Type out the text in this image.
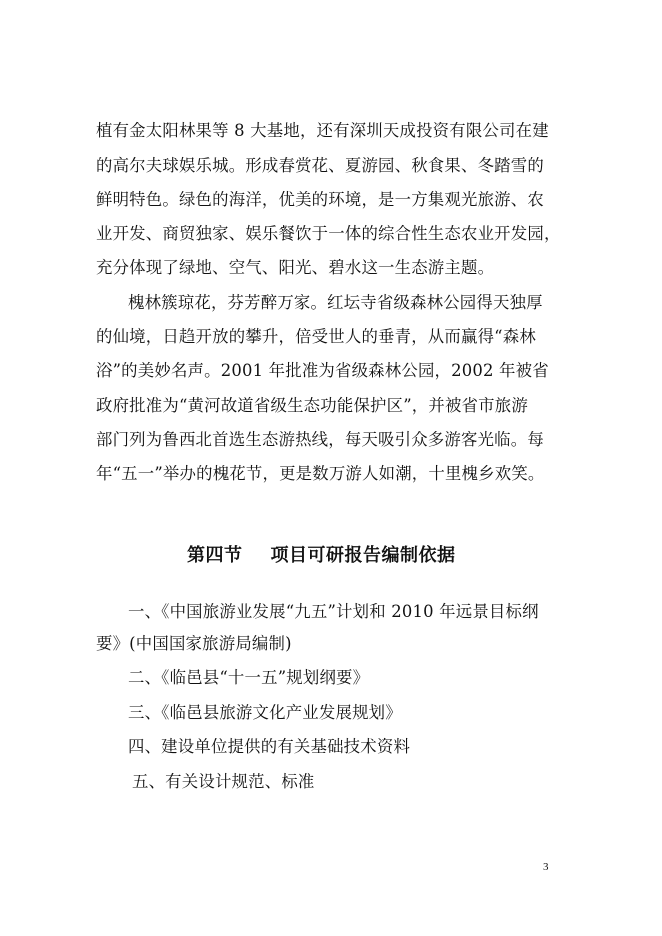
植有金太阳林果等 8 大基地，还有深圳天成投资有限公司在建
的高尔夫球娱乐城。形成春赏花、夏游园、秋食果、冬踏雪的
鲜明特色。绿色的海洋，优美的环境，是一方集观光旅游、农
业开发、商贸独家、娱乐餐饮于一体的综合性生态农业开发园，
充分体现了绿地、空气、阳光、碧水这一生态游主题。
槐林簇琼花，芬芳醉万家。红坛寺省级森林公园得天独厚
的仙境，日趋开放的攀升，倍受世人的垂青，从而赢得“森林
浴”的美妙名声。2001 年批准为省级森林公园，2002 年被省
政府批准为“黄河故道省级生态功能保护区”，并被省市旅游
部门列为鲁西北首选生态游热线，每天吸引众多游客光临。每
年“五一”举办的槐花节，更是数万游人如潮，十里槐乡欢笑。
第四节 项目可研报告编制依据
一、《中国旅游业发展“九五”计划和 2010 年远景目标纲
要》(中国国家旅游局编制)
二、《临邑县“十一五”规划纲要》
三、《临邑县旅游文化产业发展规划》
四、建设单位提供的有关基础技术资料
五、有关设计规范、标准
3
